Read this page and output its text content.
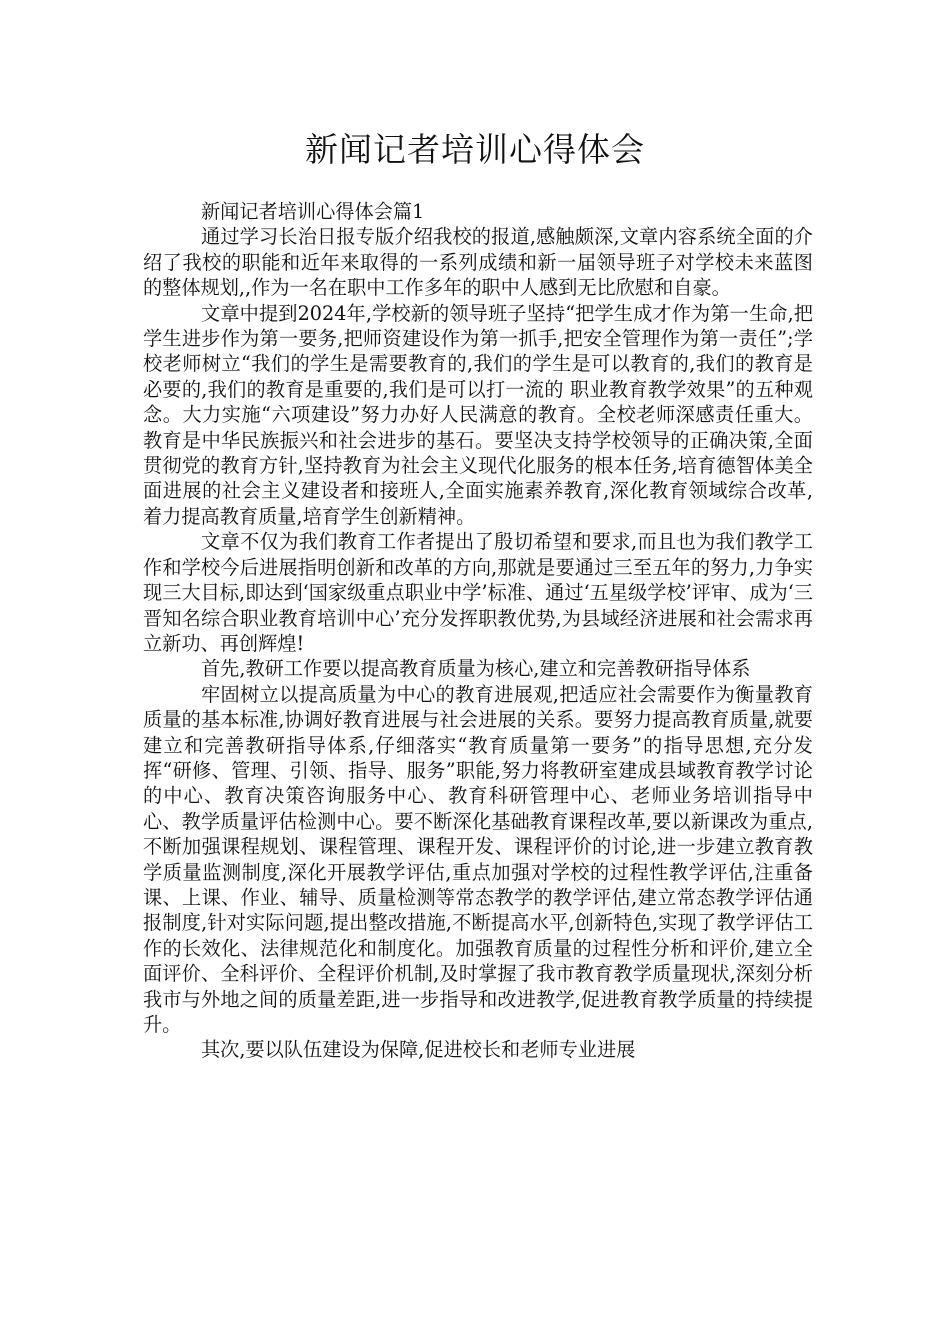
新闻记者培训心得体会

新闻记者培训心得体会篇1

通过学习长治日报专版介绍我校的报道,感触颇深,文章内容系统全面的介绍了我校的职能和近年来取得的一系列成绩和新一届领导班子对学校未来蓝图的整体规划,,作为一名在职中工作多年的职中人感到无比欣慰和自豪。

文章中提到2024年,学校新的领导班子坚持“把学生成才作为第一生命,把学生进步作为第一要务,把师资建设作为第一抓手,把安全管理作为第一责任”;学校老师树立“我们的学生是需要教育的,我们的学生是可以教育的,我们的教育是必要的,我们的教育是重要的,我们是可以打一流的 职业教育教学效果”的五种观念。大力实施“六项建设”努力办好人民满意的教育。全校老师深感责任重大。教育是中华民族振兴和社会进步的基石。要坚决支持学校领导的正确决策,全面贯彻党的教育方针,坚持教育为社会主义现代化服务的根本任务,培育德智体美全面进展的社会主义建设者和接班人,全面实施素养教育,深化教育领域综合改革,着力提高教育质量,培育学生创新精神。

文章不仅为我们教育工作者提出了殷切希望和要求,而且也为我们教学工作和学校今后进展指明创新和改革的方向,那就是要通过三至五年的努力,力争实现三大目标,即达到‘国家级重点职业中学’标准、通过‘五星级学校’评审、成为‘三晋知名综合职业教育培训中心’充分发挥职教优势,为县域经济进展和社会需求再立新功、再创辉煌!

首先,教研工作要以提高教育质量为核心,建立和完善教研指导体系

牢固树立以提高质量为中心的教育进展观,把适应社会需要作为衡量教育质量的基本标准,协调好教育进展与社会进展的关系。要努力提高教育质量,就要建立和完善教研指导体系,仔细落实“教育质量第一要务”的指导思想,充分发挥“研修、管理、引领、指导、服务”职能,努力将教研室建成县域教育教学讨论的中心、教育决策咨询服务中心、教育科研管理中心、老师业务培训指导中心、教学质量评估检测中心。要不断深化基础教育课程改革,要以新课改为重点,不断加强课程规划、课程管理、课程开发、课程评价的讨论,进一步建立教育教学质量监测制度,深化开展教学评估,重点加强对学校的过程性教学评估,注重备课、上课、作业、辅导、质量检测等常态教学的教学评估,建立常态教学评估通报制度,针对实际问题,提出整改措施,不断提高水平,创新特色,实现了教学评估工作的长效化、法律规范化和制度化。加强教育质量的过程性分析和评价,建立全面评价、全科评价、全程评价机制,及时掌握了我市教育教学质量现状,深刻分析我市与外地之间的质量差距,进一步指导和改进教学,促进教育教学质量的持续提升。

其次,要以队伍建设为保障,促进校长和老师专业进展
